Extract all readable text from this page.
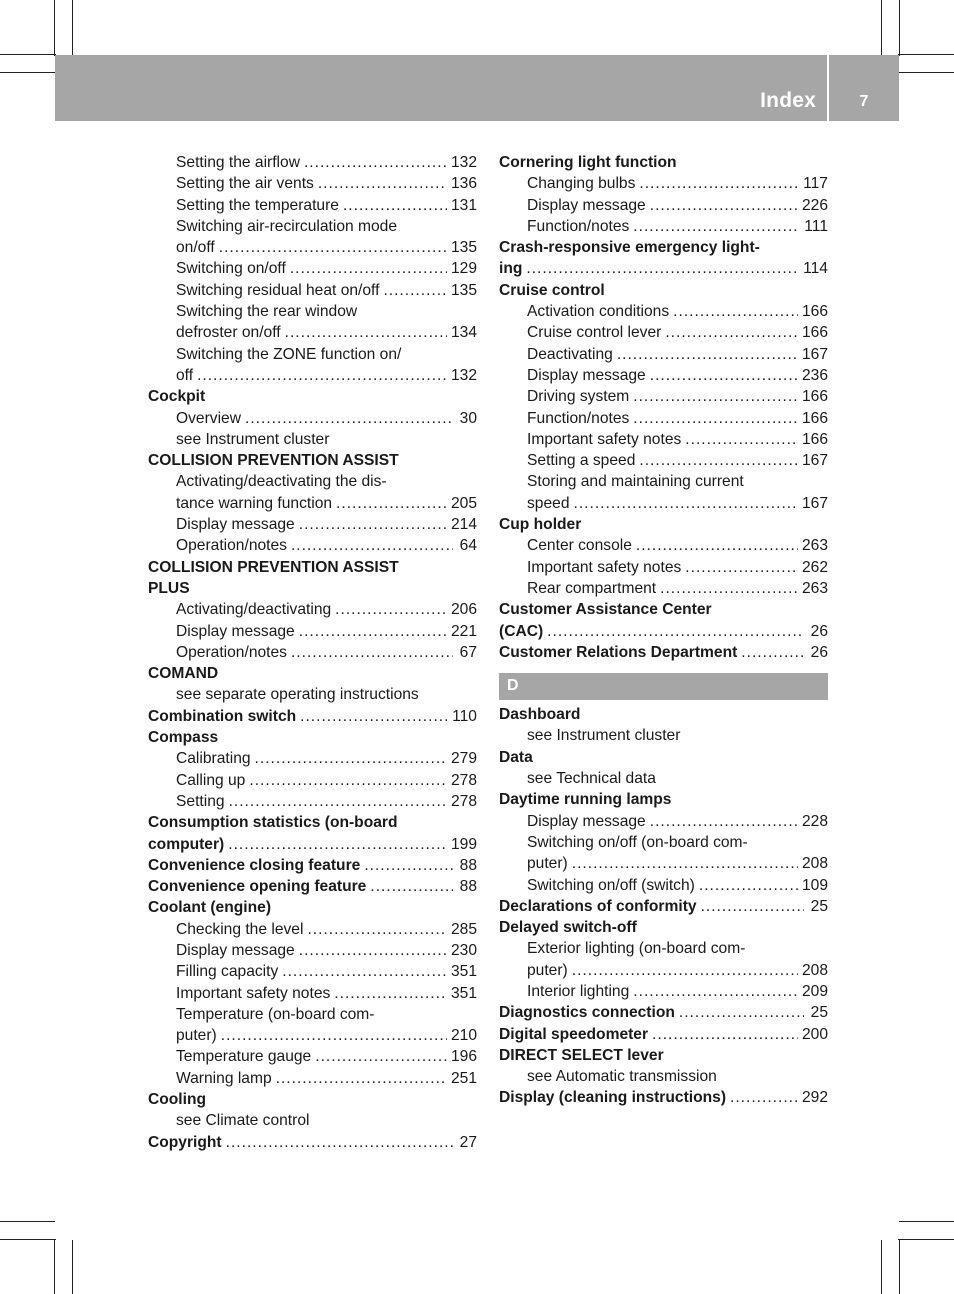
Index	7
Setting the airflow .....	132
Setting the air vents .....	136
Setting the temperature .....	131
Switching air-recirculation mode
on/off .....	135
Switching on/off .....	129
Switching residual heat on/off .....	135
Switching the rear window
defroster on/off .....	134
Switching the ZONE function on/
off .....	132
Cockpit
Overview .....	30
see Instrument cluster
COLLISION PREVENTION ASSIST
Activating/deactivating the dis-
tance warning function .....	205
Display message .....	214
Operation/notes .....	64
COLLISION PREVENTION ASSIST
PLUS
Activating/deactivating .....	206
Display message .....	221
Operation/notes .....	67
COMAND
see separate operating instructions
Combination switch .....	110
Compass
Calibrating .....	279
Calling up .....	278
Setting .....	278
Consumption statistics (on-board
computer) .....	199
Convenience closing feature .....	88
Convenience opening feature .....	88
Coolant (engine)
Checking the level .....	285
Display message .....	230
Filling capacity .....	351
Important safety notes .....	351
Temperature (on-board com-
puter) .....	210
Temperature gauge .....	196
Warning lamp .....	251
Cooling
see Climate control
Copyright .....	27
Cornering light function
Changing bulbs .....	117
Display message .....	226
Function/notes .....	111
Crash-responsive emergency light-
ing .....	114
Cruise control
Activation conditions .....	166
Cruise control lever .....	166
Deactivating .....	167
Display message .....	236
Driving system .....	166
Function/notes .....	166
Important safety notes .....	166
Setting a speed .....	167
Storing and maintaining current
speed .....	167
Cup holder
Center console .....	263
Important safety notes .....	262
Rear compartment .....	263
Customer Assistance Center
(CAC) .....	26
Customer Relations Department .....	26
D
Dashboard
see Instrument cluster
Data
see Technical data
Daytime running lamps
Display message .....	228
Switching on/off (on-board com-
puter) .....	208
Switching on/off (switch) .....	109
Declarations of conformity .....	25
Delayed switch-off
Exterior lighting (on-board com-
puter) .....	208
Interior lighting .....	209
Diagnostics connection .....	25
Digital speedometer .....	200
DIRECT SELECT lever
see Automatic transmission
Display (cleaning instructions) .....	292
